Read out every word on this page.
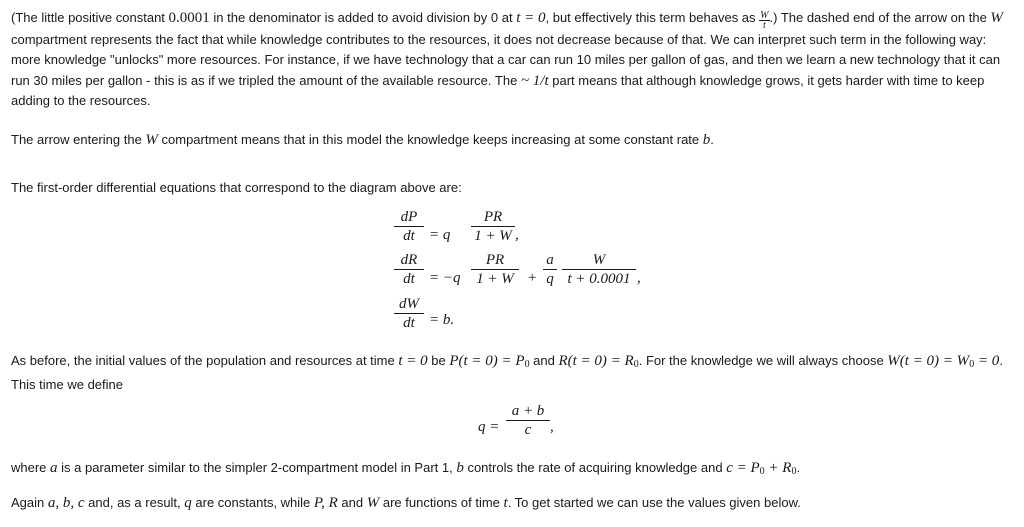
(The little positive constant 0.0001 in the denominator is added to avoid division by 0 at t = 0, but effectively this term behaves as $\frac{W}{t}$ .) The dashed end of the arrow on the W compartment represents the fact that while knowledge contributes to the resources, it does not decrease because of that. We can interpret such term in the following way: more knowledge "unlocks" more resources. For instance, if we have technology that a car can run 10 miles per gallon of gas, and then we learn a new technology that it can run 30 miles per gallon - this is as if we tripled the amount of the available resource. The ~ 1/t part means that although knowledge grows, it gets harder with time to keep adding to the resources.

The arrow entering the W compartment means that in this model the knowledge keeps increasing at some constant rate b.

The first-order differential equations that correspond to the diagram above are:

$\frac{dP}{dt} = q \frac{PR}{1 + W}$ ,
$\frac{dR}{dt} = -q \frac{PR}{1 + W} + \frac{a}{q} \frac{W}{t + 0.0001}$ ,
$\frac{dW}{dt} = b$.

As before, the initial values of the population and resources at time t = 0 be $P(t = 0) = P_0$ and $R(t = 0) = R_0$. For the knowledge we will always choose $W(t = 0) = W_0 = 0$. This time we define

$q = \frac{a + b}{c}$ ,

where a is a parameter similar to the simpler 2-compartment model in Part 1, b controls the rate of acquiring knowledge and $c = P_0 + R_0$.

Again a, b, c and, as a result, q are constants, while P, R and W are functions of time t. To get started we can use the values given below.
